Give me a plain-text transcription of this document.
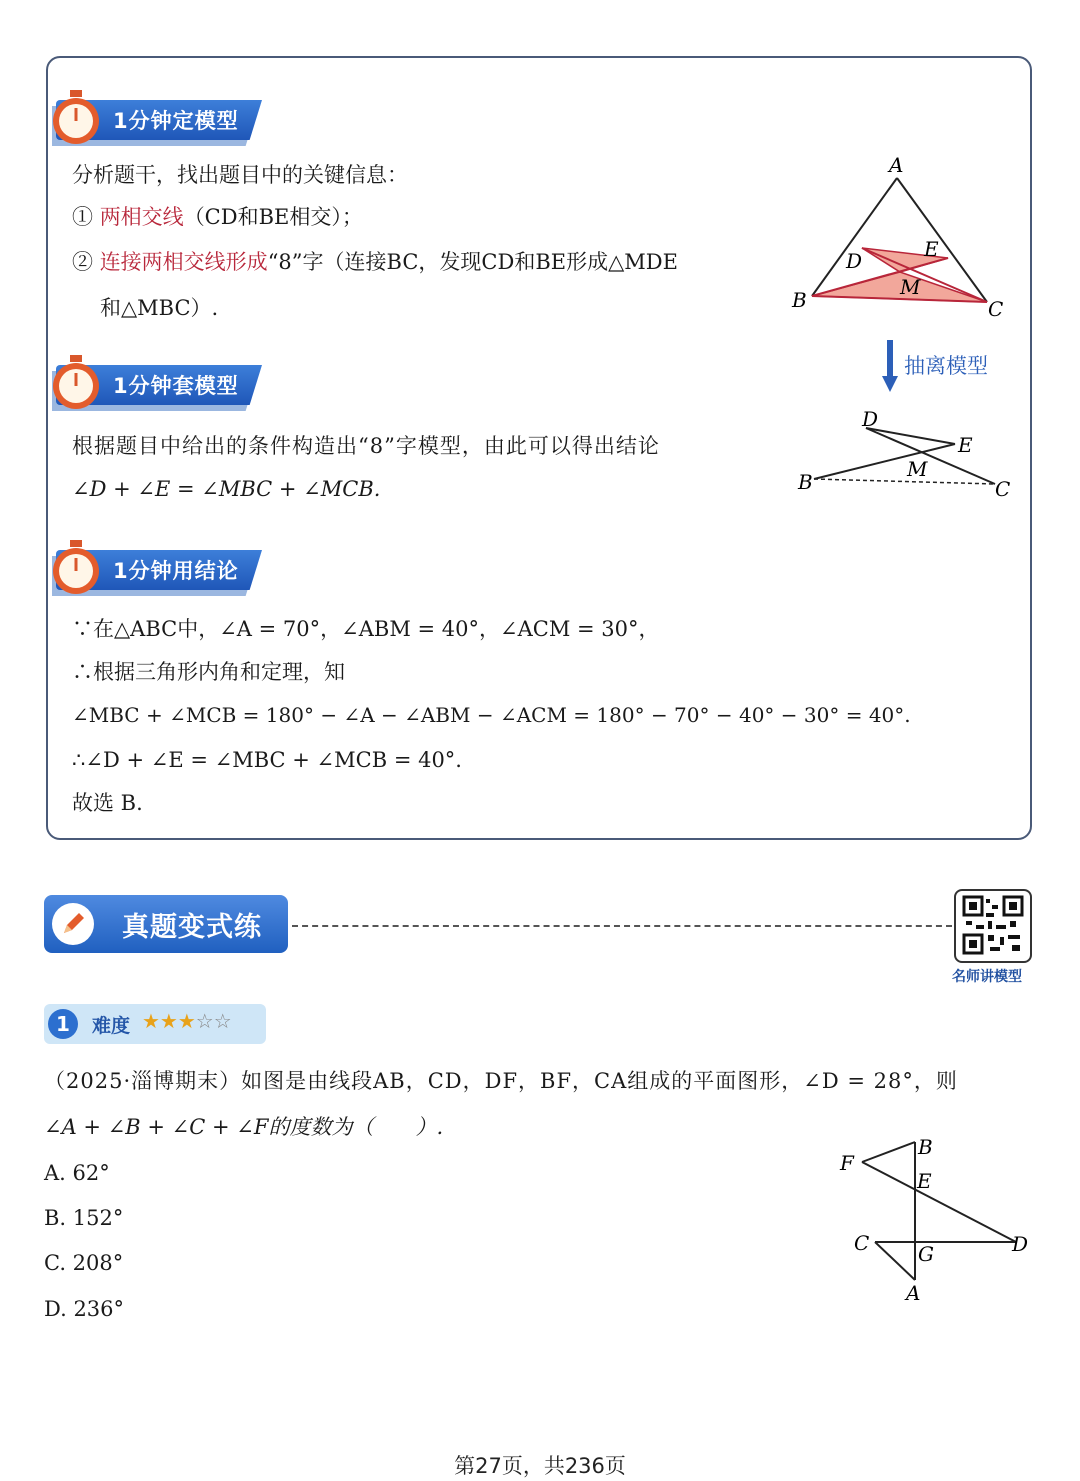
1分钟定模型
分析题干，找出题目中的关键信息：
① 两相交线（CD和BE相交）；
② 连接两相交线形成“8”字（连接BC，发现CD和BE形成△MDE
和△MBC）.
A
B	C
D	E
M
抽离模型
D
E
M
B	C
1分钟套模型
根据题目中给出的条件构造出“8”字模型，由此可以得出结论
∠D + ∠E = ∠MBC + ∠MCB.
1分钟用结论
∵在△ABC中，∠A = 70°，∠ABM = 40°，∠ACM = 30°，
∴根据三角形内角和定理，知
∠MBC + ∠MCB = 180° − ∠A − ∠ABM − ∠ACM = 180° − 70° − 40° − 30° = 40°.
∴∠D + ∠E = ∠MBC + ∠MCB = 40°.
故选 B.
真题变式练
名师讲模型
1	难度 ★★★☆☆
（2025·淄博期末）如图是由线段AB，CD，DF，BF，CA组成的平面图形，∠D = 28°，则
∠A + ∠B + ∠C + ∠F的度数为（　　）.
A. 62°
B. 152°
C. 208°
D. 236°
B
F
E
C G	D
A
第27页，共236页
